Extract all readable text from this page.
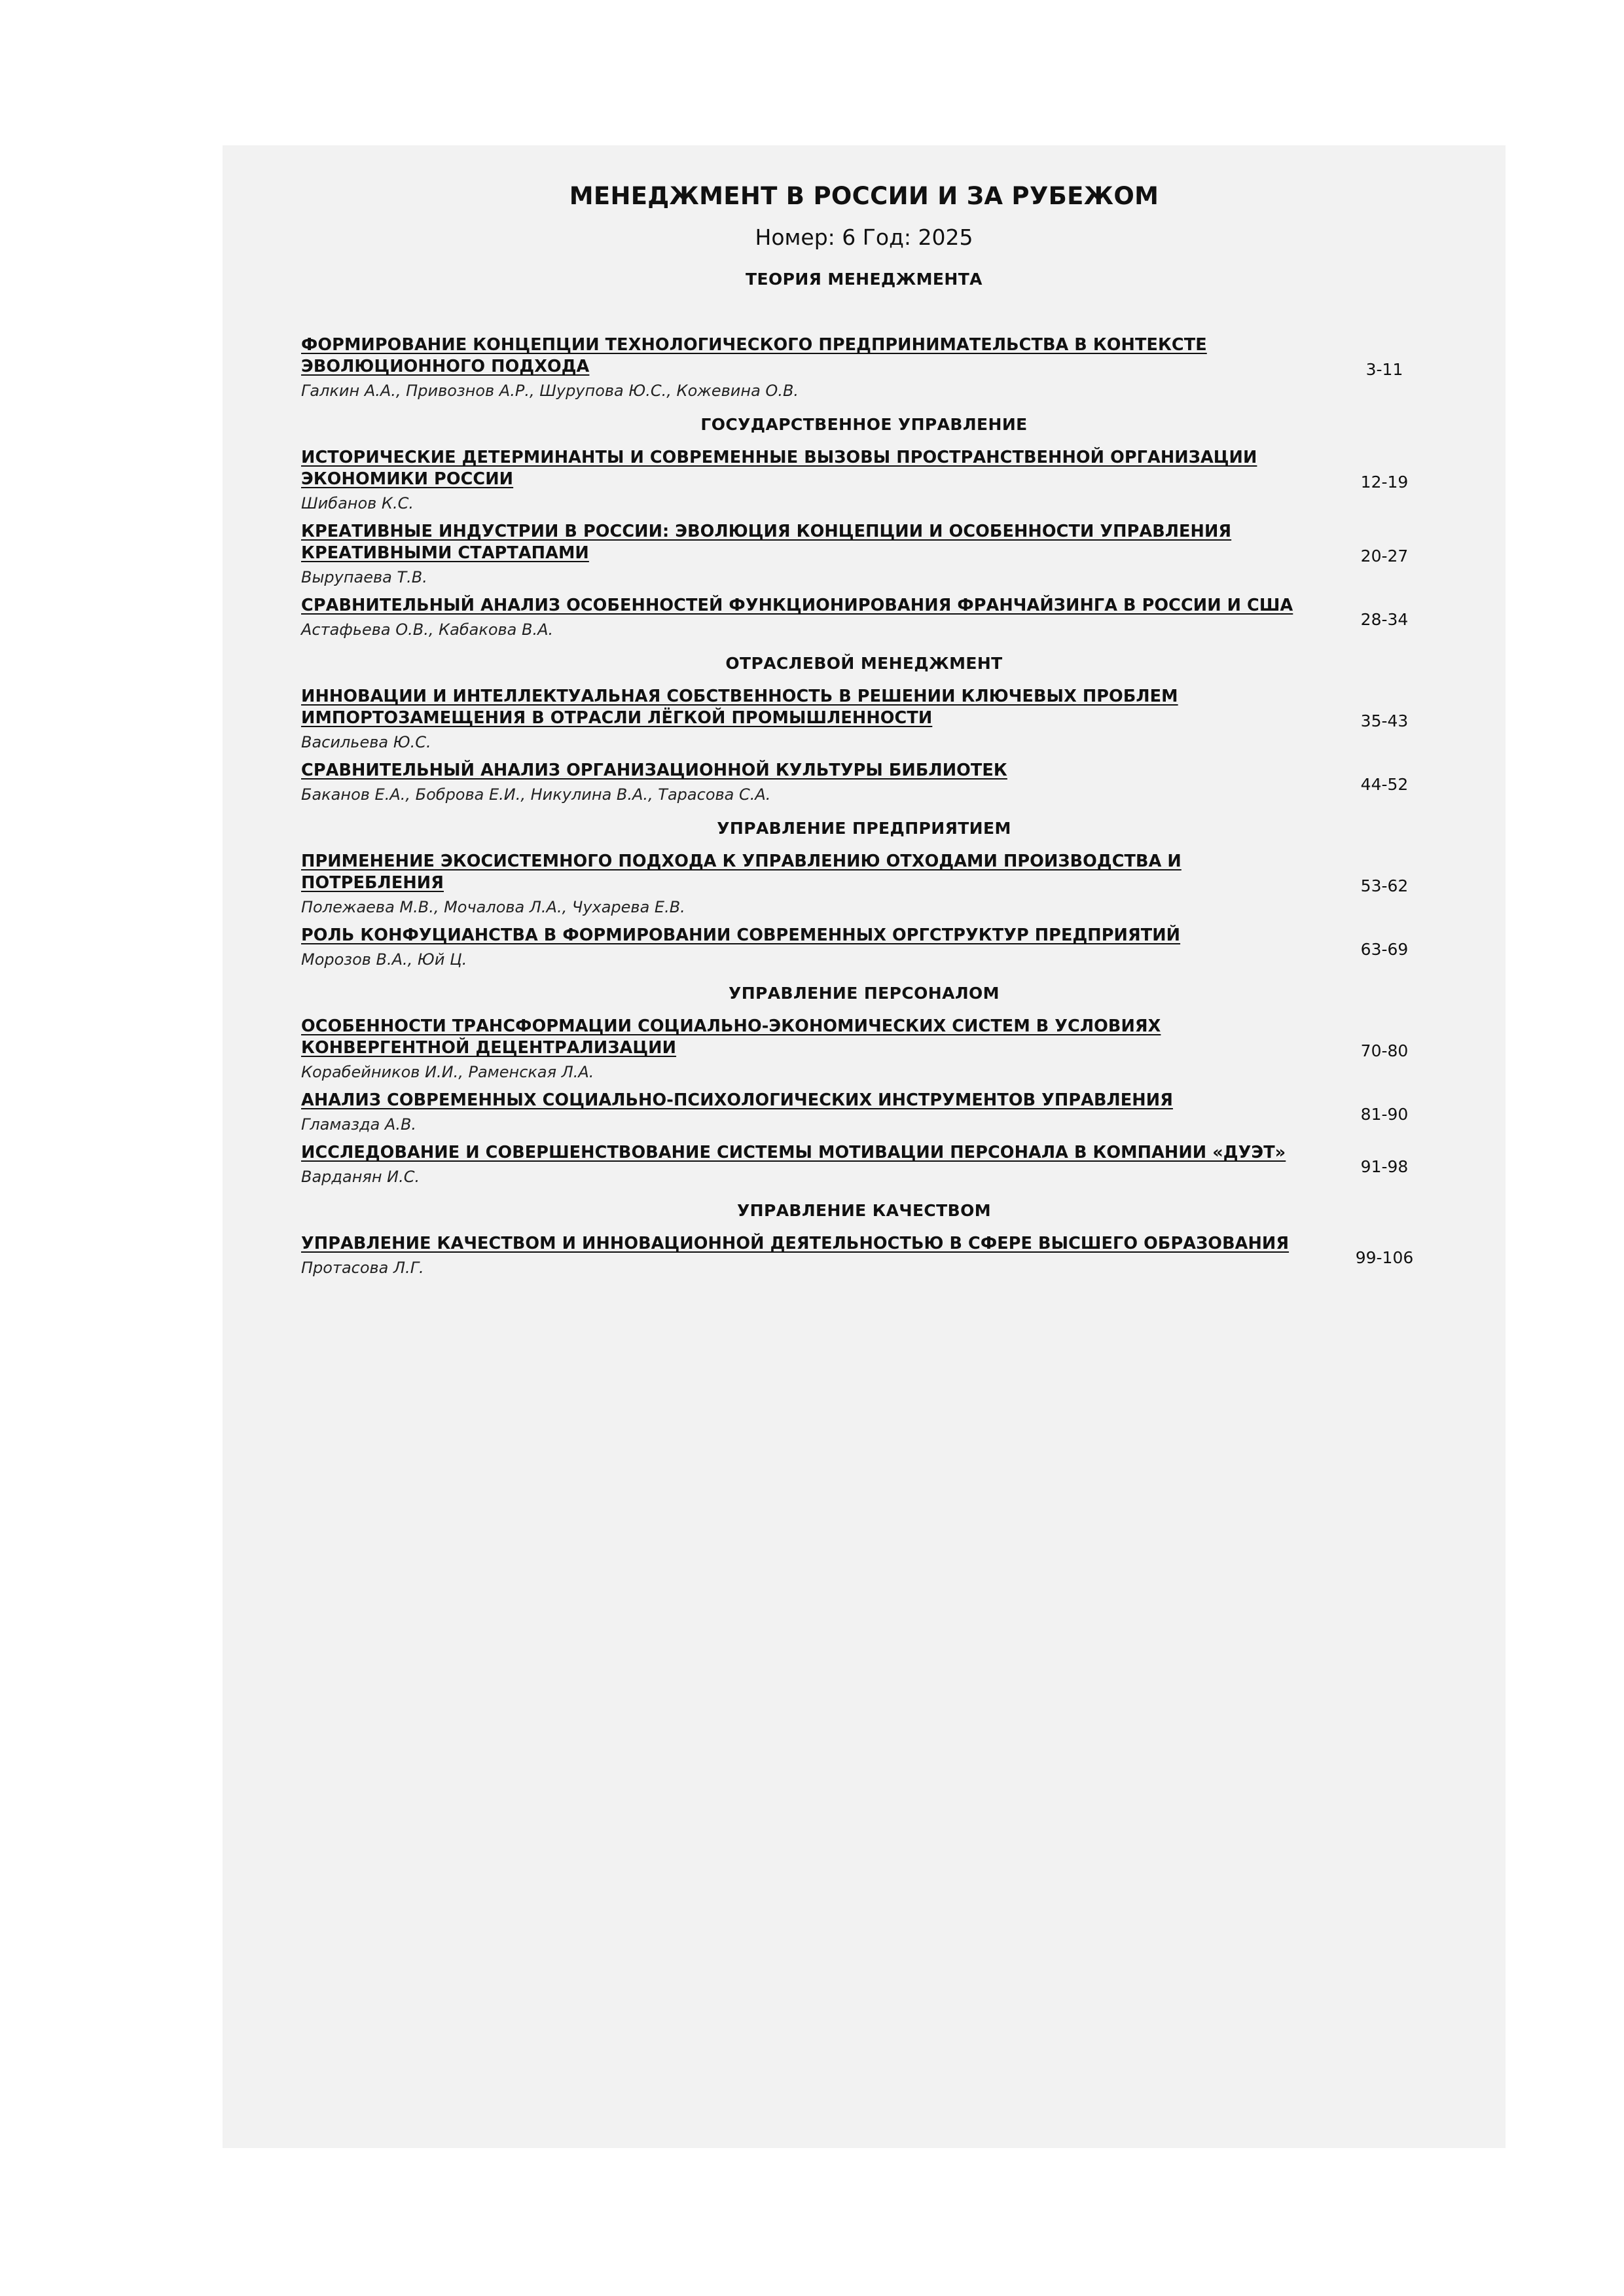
МЕНЕДЖМЕНТ В РОССИИ И ЗА РУБЕЖОМ
Номер: 6 Год: 2025
ТЕОРИЯ МЕНЕДЖМЕНТА
ФОРМИРОВАНИЕ КОНЦЕПЦИИ ТЕХНОЛОГИЧЕСКОГО ПРЕДПРИНИМАТЕЛЬСТВА В КОНТЕКСТЕ ЭВОЛЮЦИОННОГО ПОДХОДА
Галкин А.А., Привознов А.Р., Шурупова Ю.С., Кожевина О.В.
3-11
ГОСУДАРСТВЕННОЕ УПРАВЛЕНИЕ
ИСТОРИЧЕСКИЕ ДЕТЕРМИНАНТЫ И СОВРЕМЕННЫЕ ВЫЗОВЫ ПРОСТРАНСТВЕННОЙ ОРГАНИЗАЦИИ ЭКОНОМИКИ РОССИИ
Шибанов К.С.
12-19
КРЕАТИВНЫЕ ИНДУСТРИИ В РОССИИ: ЭВОЛЮЦИЯ КОНЦЕПЦИИ И ОСОБЕННОСТИ УПРАВЛЕНИЯ КРЕАТИВНЫМИ СТАРТАПАМИ
Вырупаева Т.В.
20-27
СРАВНИТЕЛЬНЫЙ АНАЛИЗ ОСОБЕННОСТЕЙ ФУНКЦИОНИРОВАНИЯ ФРАНЧАЙЗИНГА В РОССИИ И США
Астафьева О.В., Кабакова В.А.
28-34
ОТРАСЛЕВОЙ МЕНЕДЖМЕНТ
ИННОВАЦИИ И ИНТЕЛЛЕКТУАЛЬНАЯ СОБСТВЕННОСТЬ В РЕШЕНИИ КЛЮЧЕВЫХ ПРОБЛЕМ ИМПОРТОЗАМЕЩЕНИЯ В ОТРАСЛИ ЛЁГКОЙ ПРОМЫШЛЕННОСТИ
Васильева Ю.С.
35-43
СРАВНИТЕЛЬНЫЙ АНАЛИЗ ОРГАНИЗАЦИОННОЙ КУЛЬТУРЫ БИБЛИОТЕК
Баканов Е.А., Боброва Е.И., Никулина В.А., Тарасова С.А.
44-52
УПРАВЛЕНИЕ ПРЕДПРИЯТИЕМ
ПРИМЕНЕНИЕ ЭКОСИСТЕМНОГО ПОДХОДА К УПРАВЛЕНИЮ ОТХОДАМИ ПРОИЗВОДСТВА И ПОТРЕБЛЕНИЯ
Полежаева М.В., Мочалова Л.А., Чухарева Е.В.
53-62
РОЛЬ КОНФУЦИАНСТВА В ФОРМИРОВАНИИ СОВРЕМЕННЫХ ОРГСТРУКТУР ПРЕДПРИЯТИЙ
Морозов В.А., Юй Ц.
63-69
УПРАВЛЕНИЕ ПЕРСОНАЛОМ
ОСОБЕННОСТИ ТРАНСФОРМАЦИИ СОЦИАЛЬНО-ЭКОНОМИЧЕСКИХ СИСТЕМ В УСЛОВИЯХ КОНВЕРГЕНТНОЙ ДЕЦЕНТРАЛИЗАЦИИ
Корабейников И.И., Раменская Л.А.
70-80
АНАЛИЗ СОВРЕМЕННЫХ СОЦИАЛЬНО-ПСИХОЛОГИЧЕСКИХ ИНСТРУМЕНТОВ УПРАВЛЕНИЯ
Гламазда А.В.
81-90
ИССЛЕДОВАНИЕ И СОВЕРШЕНСТВОВАНИЕ СИСТЕМЫ МОТИВАЦИИ ПЕРСОНАЛА В КОМПАНИИ «ДУЭТ»
Варданян И.С.
91-98
УПРАВЛЕНИЕ КАЧЕСТВОМ
УПРАВЛЕНИЕ КАЧЕСТВОМ И ИННОВАЦИОННОЙ ДЕЯТЕЛЬНОСТЬЮ В СФЕРЕ ВЫСШЕГО ОБРАЗОВАНИЯ
Протасова Л.Г.
99-106
